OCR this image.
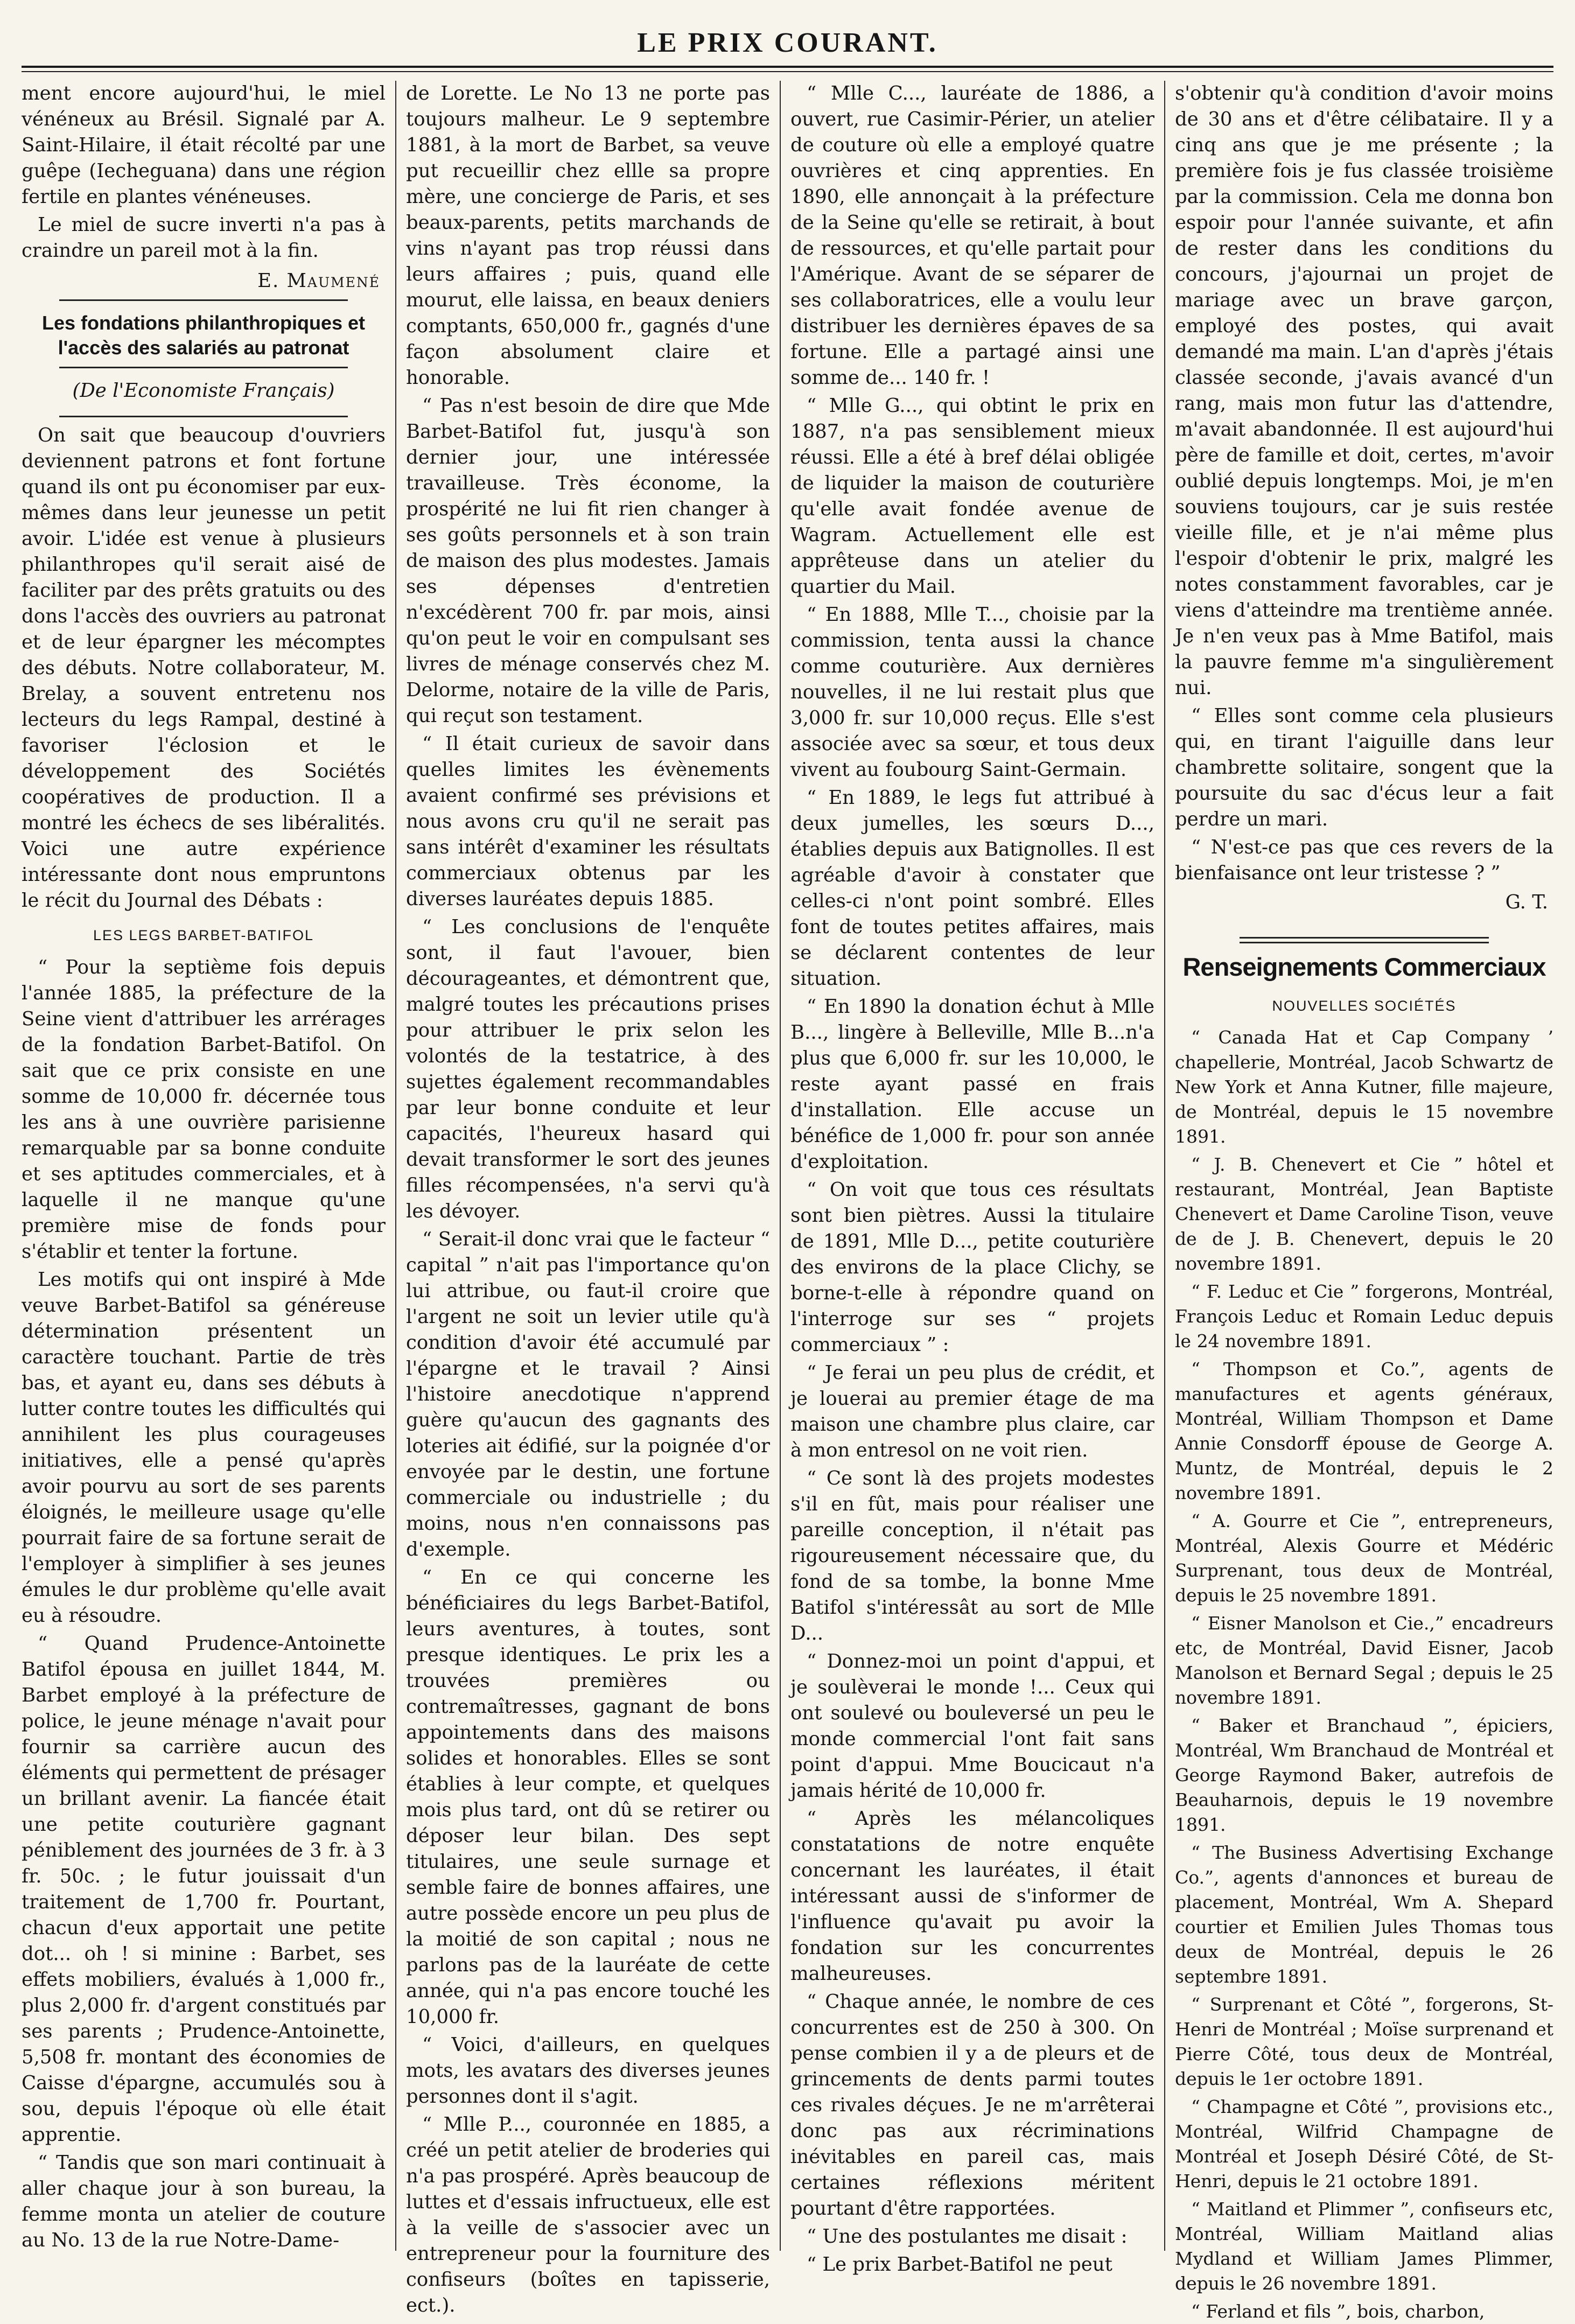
LE PRIX COURANT.

ment encore aujourd'hui, le miel vénéneux au Brésil. Signalé par A. Saint-Hilaire, il était récolté par une guêpe (Iecheguana) dans une région fertile en plantes vénéneuses.

Le miel de sucre inverti n'a pas à craindre un pareil mot à la fin.

E. Maumené
Les fondations philanthropiques et l'accès des salariés au patronat
(De l'Economiste Français)

On sait que beaucoup d'ouvriers deviennent patrons et font fortune quand ils ont pu économiser par eux-mêmes dans leur jeunesse un petit avoir. L'idée est venue à plusieurs philanthropes qu'il serait aisé de faciliter par des prêts gratuits ou des dons l'accès des ouvriers au patronat et de leur épargner les mécomptes des débuts. Notre collaborateur, M. Brelay, a souvent entretenu nos lecteurs du legs Rampal, destiné à favoriser l'éclosion et le développement des Sociétés coopératives de production. Il a montré les échecs de ses libéralités. Voici une autre expérience intéressante dont nous empruntons le récit du Journal des Débats :

LES LEGS BARBET-BATIFOL

“ Pour la septième fois depuis l'année 1885, la préfecture de la Seine vient d'attribuer les arrérages de la fondation Barbet-Batifol. On sait que ce prix consiste en une somme de 10,000 fr. décernée tous les ans à une ouvrière parisienne remarquable par sa bonne conduite et ses aptitudes commerciales, et à laquelle il ne manque qu'une première mise de fonds pour s'établir et tenter la fortune.

Les motifs qui ont inspiré à Mde veuve Barbet-Batifol sa généreuse détermination présentent un caractère touchant. Partie de très bas, et ayant eu, dans ses débuts à lutter contre toutes les difficultés qui annihilent les plus courageuses initiatives, elle a pensé qu'après avoir pourvu au sort de ses parents éloignés, le meilleure usage qu'elle pourrait faire de sa fortune serait de l'employer à simplifier à ses jeunes émules le dur problème qu'elle avait eu à résoudre.

“ Quand Prudence-Antoinette Batifol épousa en juillet 1844, M. Barbet employé à la préfecture de police, le jeune ménage n'avait pour fournir sa carrière aucun des éléments qui permettent de présager un brillant avenir. La fiancée était une petite couturière gagnant péniblement des journées de 3 fr. à 3 fr. 50c. ; le futur jouissait d'un traitement de 1,700 fr. Pourtant, chacun d'eux apportait une petite dot... oh ! si minine : Barbet, ses effets mobiliers, évalués à 1,000 fr., plus 2,000 fr. d'argent constitués par ses parents ; Prudence-Antoinette, 5,508 fr. montant des économies de Caisse d'épargne, accumulés sou à sou, depuis l'époque où elle était apprentie.

“ Tandis que son mari continuait à aller chaque jour à son bureau, la femme monta un atelier de couture au No. 13 de la rue Notre-Dame-

de Lorette. Le No 13 ne porte pas toujours malheur. Le 9 septembre 1881, à la mort de Barbet, sa veuve put recueillir chez ellle sa propre mère, une concierge de Paris, et ses beaux-parents, petits marchands de vins n'ayant pas trop réussi dans leurs affaires ; puis, quand elle mourut, elle laissa, en beaux deniers comptants, 650,000 fr., gagnés d'une façon absolument claire et honorable.

“ Pas n'est besoin de dire que Mde Barbet-Batifol fut, jusqu'à son dernier jour, une intéressée travailleuse. Très économe, la prospérité ne lui fit rien changer à ses goûts personnels et à son train de maison des plus modestes. Jamais ses dépenses d'entretien n'excédèrent 700 fr. par mois, ainsi qu'on peut le voir en compulsant ses livres de ménage conservés chez M. Delorme, notaire de la ville de Paris, qui reçut son testament.

“ Il était curieux de savoir dans quelles limites les évènements avaient confirmé ses prévisions et nous avons cru qu'il ne serait pas sans intérêt d'examiner les résultats commerciaux obtenus par les diverses lauréates depuis 1885.

“ Les conclusions de l'enquête sont, il faut l'avouer, bien décourageantes, et démontrent que, malgré toutes les précautions prises pour attribuer le prix selon les volontés de la testatrice, à des sujettes également recommandables par leur bonne conduite et leur capacités, l'heureux hasard qui devait transformer le sort des jeunes filles récompensées, n'a servi qu'à les dévoyer.

“ Serait-il donc vrai que le facteur “ capital ” n'ait pas l'importance qu'on lui attribue, ou faut-il croire que l'argent ne soit un levier utile qu'à condition d'avoir été accumulé par l'épargne et le travail ? Ainsi l'histoire anecdotique n'apprend guère qu'aucun des gagnants des loteries ait édifié, sur la poignée d'or envoyée par le destin, une fortune commerciale ou industrielle ; du moins, nous n'en connaissons pas d'exemple.

“ En ce qui concerne les bénéficiaires du legs Barbet-Batifol, leurs aventures, à toutes, sont presque identiques. Le prix les a trouvées premières ou contremaîtresses, gagnant de bons appointements dans des maisons solides et honorables. Elles se sont établies à leur compte, et quelques mois plus tard, ont dû se retirer ou déposer leur bilan. Des sept titulaires, une seule surnage et semble faire de bonnes affaires, une autre possède encore un peu plus de la moitié de son capital ; nous ne parlons pas de la lauréate de cette année, qui n'a pas encore touché les 10,000 fr.

“ Voici, d'ailleurs, en quelques mots, les avatars des diverses jeunes personnes dont il s'agit.

“ Mlle P..., couronnée en 1885, a créé un petit atelier de broderies qui n'a pas prospéré. Après beaucoup de luttes et d'essais infructueux, elle est à la veille de s'associer avec un entrepreneur pour la fourniture des confiseurs (boîtes en tapisserie, ect.).

“ Mlle C..., lauréate de 1886, a ouvert, rue Casimir-Périer, un atelier de couture où elle a employé quatre ouvrières et cinq apprenties. En 1890, elle annonçait à la préfecture de la Seine qu'elle se retirait, à bout de ressources, et qu'elle partait pour l'Amérique. Avant de se séparer de ses collaboratrices, elle a voulu leur distribuer les dernières épaves de sa fortune. Elle a partagé ainsi une somme de... 140 fr. !

“ Mlle G..., qui obtint le prix en 1887, n'a pas sensiblement mieux réussi. Elle a été à bref délai obligée de liquider la maison de couturière qu'elle avait fondée avenue de Wagram. Actuellement elle est apprêteuse dans un atelier du quartier du Mail.

“ En 1888, Mlle T..., choisie par la commission, tenta aussi la chance comme couturière. Aux dernières nouvelles, il ne lui restait plus que 3,000 fr. sur 10,000 reçus. Elle s'est associée avec sa sœur, et tous deux vivent au foubourg Saint-Germain.

“ En 1889, le legs fut attribué à deux jumelles, les sœurs D..., établies depuis aux Batignolles. Il est agréable d'avoir à constater que celles-ci n'ont point sombré. Elles font de toutes petites affaires, mais se déclarent contentes de leur situation.

“ En 1890 la donation échut à Mlle B..., lingère à Belleville, Mlle B...n'a plus que 6,000 fr. sur les 10,000, le reste ayant passé en frais d'installation. Elle accuse un bénéfice de 1,000 fr. pour son année d'exploitation.

“ On voit que tous ces résultats sont bien piètres. Aussi la titulaire de 1891, Mlle D..., petite couturière des environs de la place Clichy, se borne-t-elle à répondre quand on l'interroge sur ses “ projets commerciaux ” :

“ Je ferai un peu plus de crédit, et je louerai au premier étage de ma maison une chambre plus claire, car à mon entresol on ne voit rien.

“ Ce sont là des projets modestes s'il en fût, mais pour réaliser une pareille conception, il n'était pas rigoureusement nécessaire que, du fond de sa tombe, la bonne Mme Batifol s'intéressât au sort de Mlle D...

“ Donnez-moi un point d'appui, et je soulèverai le monde !... Ceux qui ont soulevé ou bouleversé un peu le monde commercial l'ont fait sans point d'appui. Mme Boucicaut n'a jamais hérité de 10,000 fr.

“ Après les mélancoliques constatations de notre enquête concernant les lauréates, il était intéressant aussi de s'informer de l'influence qu'avait pu avoir la fondation sur les concurrentes malheureuses.

“ Chaque année, le nombre de ces concurrentes est de 250 à 300. On pense combien il y a de pleurs et de grincements de dents parmi toutes ces rivales déçues. Je ne m'arrêterai donc pas aux récriminations inévitables en pareil cas, mais certaines réflexions méritent pourtant d'être rapportées.

“ Une des postulantes me disait :

“ Le prix Barbet-Batifol ne peut

s'obtenir qu'à condition d'avoir moins de 30 ans et d'être célibataire. Il y a cinq ans que je me présente ; la première fois je fus classée troisième par la commission. Cela me donna bon espoir pour l'année suivante, et afin de rester dans les conditions du concours, j'ajournai un projet de mariage avec un brave garçon, employé des postes, qui avait demandé ma main. L'an d'après j'étais classée seconde, j'avais avancé d'un rang, mais mon futur las d'attendre, m'avait abandonnée. Il est aujourd'hui père de famille et doit, certes, m'avoir oublié depuis longtemps. Moi, je m'en souviens toujours, car je suis restée vieille fille, et je n'ai même plus l'espoir d'obtenir le prix, malgré les notes constamment favorables, car je viens d'atteindre ma trentième année. Je n'en veux pas à Mme Batifol, mais la pauvre femme m'a singulièrement nui.

“ Elles sont comme cela plusieurs qui, en tirant l'aiguille dans leur chambrette solitaire, songent que la poursuite du sac d'écus leur a fait perdre un mari.

“ N'est-ce pas que ces revers de la bienfaisance ont leur tristesse ? ”

G. T.
Renseignements Commerciaux
NOUVELLES SOCIÉTÉS

“ Canada Hat et Cap Company ’ chapellerie, Montréal, Jacob Schwartz de New York et Anna Kutner, fille majeure, de Montréal, depuis le 15 novembre 1891.

“ J. B. Chenevert et Cie ” hôtel et restaurant, Montréal, Jean Baptiste Chenevert et Dame Caroline Tison, veuve de de J. B. Chenevert, depuis le 20 novembre 1891.

“ F. Leduc et Cie ” forgerons, Montréal, François Leduc et Romain Leduc depuis le 24 novembre 1891.

“ Thompson et Co.”, agents de manufactures et agents généraux, Montréal, William Thompson et Dame Annie Consdorff épouse de George A. Muntz, de Montréal, depuis le 2 novembre 1891.

“ A. Gourre et Cie ”, entrepreneurs, Montréal, Alexis Gourre et Médéric Surprenant, tous deux de Montréal, depuis le 25 novembre 1891.

“ Eisner Manolson et Cie.,” encadreurs etc, de Montréal, David Eisner, Jacob Manolson et Bernard Segal ; depuis le 25 novembre 1891.

“ Baker et Branchaud ”, épiciers, Montréal, Wm Branchaud de Montréal et George Raymond Baker, autrefois de Beauharnois, depuis le 19 novembre 1891.

“ The Business Advertising Exchange Co.”, agents d'annonces et bureau de placement, Montréal, Wm A. Shepard courtier et Emilien Jules Thomas tous deux de Montréal, depuis le 26 septembre 1891.

“ Surprenant et Côté ”, forgerons, St-Henri de Montréal ; Moïse surprenand et Pierre Côté, tous deux de Montréal, depuis le 1er octobre 1891.

“ Champagne et Côté ”, provisions etc., Montréal, Wilfrid Champagne de Montréal et Joseph Désiré Côté, de St-Henri, depuis le 21 octobre 1891.

“ Maitland et Plimmer ”, confiseurs etc, Montréal, William Maitland alias Mydland et William James Plimmer, depuis le 26 novembre 1891.

“ Ferland et fils ”, bois, charbon,
